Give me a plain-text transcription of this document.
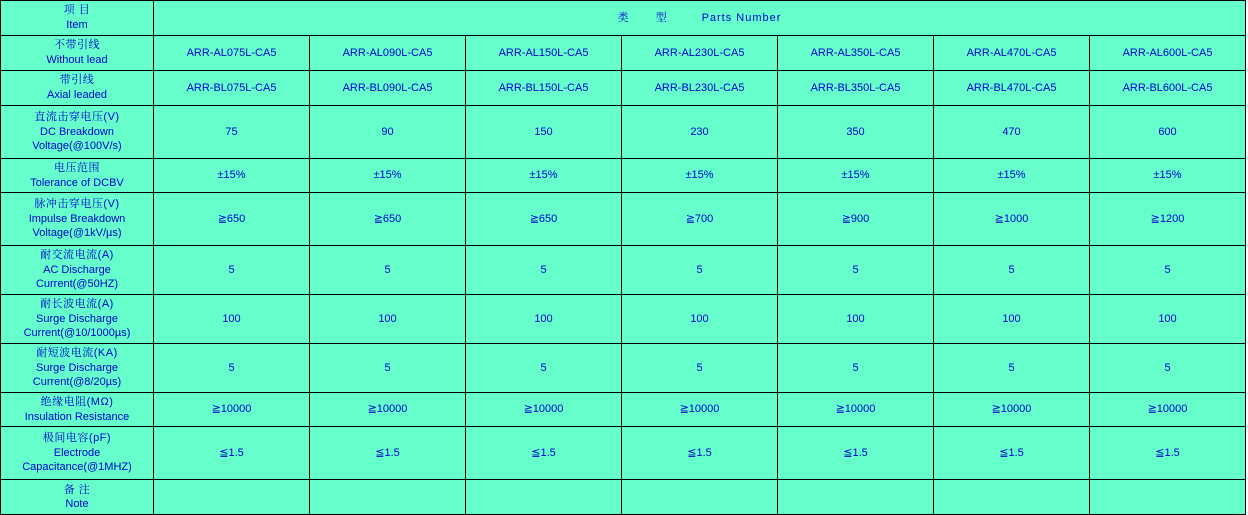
项 目
Item	类 型 Parts Number						

不带引线
Without lead	ARR-AL075L-CA5	ARR-AL090L-CA5	ARR-AL150L-CA5	ARR-AL230L-CA5	ARR-AL350L-CA5	ARR-AL470L-CA5	ARR-AL600L-CA5

带引线
Axial leaded	ARR-BL075L-CA5	ARR-BL090L-CA5	ARR-BL150L-CA5	ARR-BL230L-CA5	ARR-BL350L-CA5	ARR-BL470L-CA5	ARR-BL600L-CA5

直流击穿电压(V)
DC Breakdown
Voltage(@100V/s)	75	90	150	230	350	470	600

电压范围
Tolerance of DCBV	±15%	±15%	±15%	±15%	±15%	±15%	±15%

脉冲击穿电压(V)
Impulse Breakdown
Voltage(@1kV/µs)	≧650	≧650	≧650	≧700	≧900	≧1000	≧1200

耐交流电流(A)
AC Discharge
Current(@50HZ)	5	5	5	5	5	5	5

耐长波电流(A)
Surge Discharge
Current(@10/1000µs)	100	100	100	100	100	100	100

耐短波电流(KA)
Surge Discharge
Current(@8/20µs)	5	5	5	5	5	5	5

绝缘电阻(MΩ)
Insulation Resistance	≧10000	≧10000	≧10000	≧10000	≧10000	≧10000	≧10000

极间电容(pF)
Electrode
Capacitance(@1MHZ)	≦1.5	≦1.5	≦1.5	≦1.5	≦1.5	≦1.5	≦1.5

备 注
Note							
